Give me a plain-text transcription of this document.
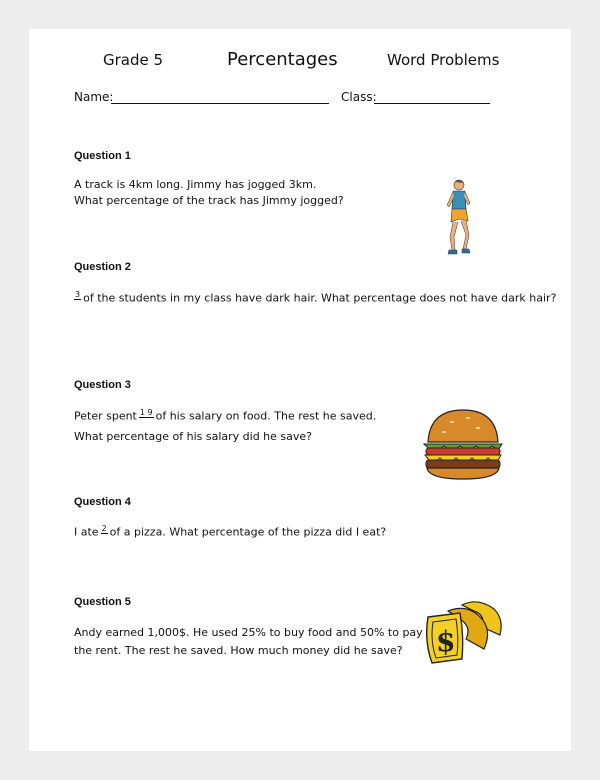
Grade 5	Percentages	Word Problems
Name:	Class:
Question 1
A track is 4km long. Jimmy has jogged 3km.
What percentage of the track has Jimmy jogged?
Question 2
3 of the students in my class have dark hair. What percentage does not have dark hair?
Question 3
Peter spent 1 9 of his salary on food. The rest he saved.
What percentage of his salary did he save?
Question 4
I ate 2 of a pizza. What percentage of the pizza did I eat?
Question 5
Andy earned 1,000$. He used 25% to buy food and 50% to pay
the rent. The rest he saved. How much money did he save? $
